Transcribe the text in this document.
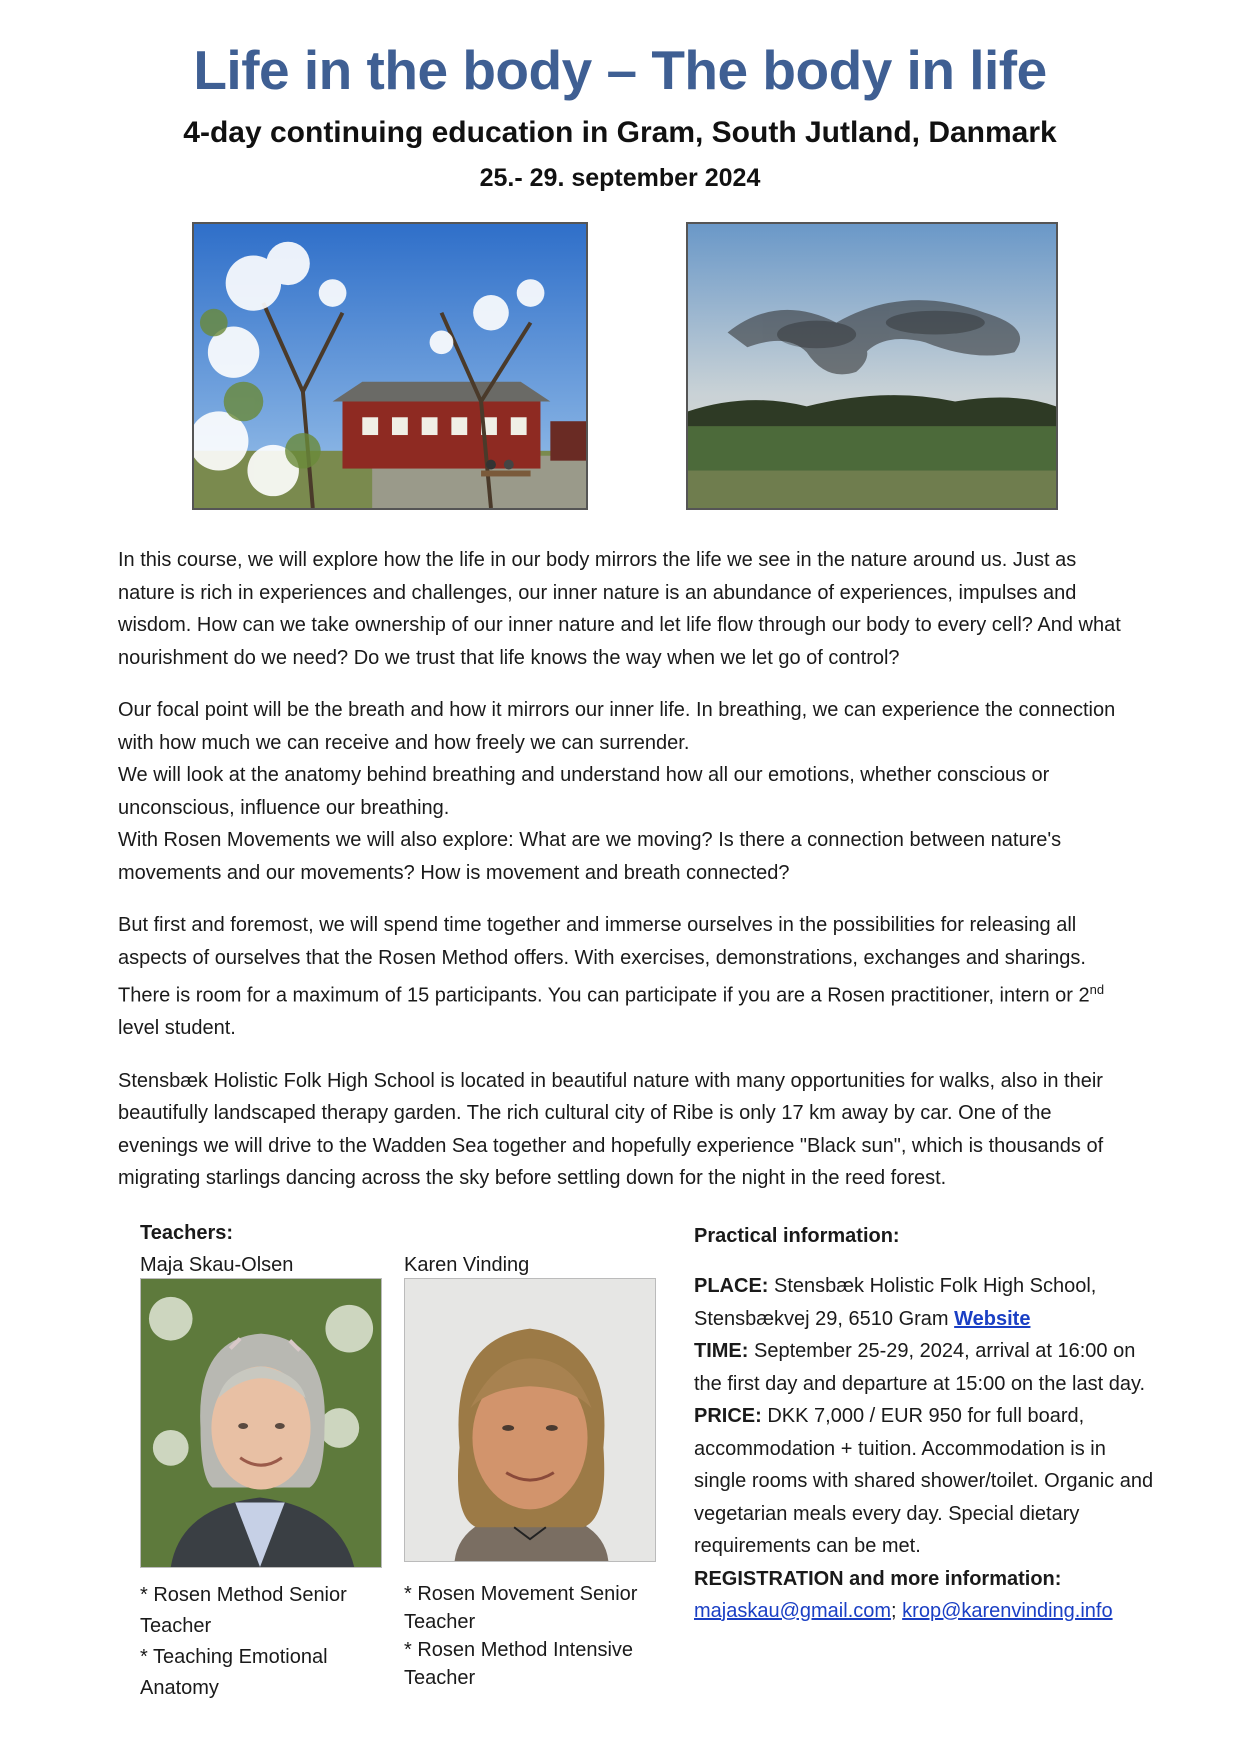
Life in the body – The body in life
4-day continuing education in Gram, South Jutland, Danmark
25.- 29. september 2024

In this course, we will explore how the life in our body mirrors the life we see in the nature around us. Just as nature is rich in experiences and challenges, our inner nature is an abundance of experiences, impulses and wisdom. How can we take ownership of our inner nature and let life flow through our body to every cell? And what nourishment do we need? Do we trust that life knows the way when we let go of control?

Our focal point will be the breath and how it mirrors our inner life. In breathing, we can experience the connection with how much we can receive and how freely we can surrender.

We will look at the anatomy behind breathing and understand how all our emotions, whether conscious or unconscious, influence our breathing.

With Rosen Movements we will also explore: What are we moving? Is there a connection between nature's movements and our movements? How is movement and breath connected?

But first and foremost, we will spend time together and immerse ourselves in the possibilities for releasing all aspects of ourselves that the Rosen Method offers. With exercises, demonstrations, exchanges and sharings. There is room for a maximum of 15 participants. You can participate if you are a Rosen practitioner, intern or 2nd level student.

Stensbæk Holistic Folk High School is located in beautiful nature with many opportunities for walks, also in their beautifully landscaped therapy garden. The rich cultural city of Ribe is only 17 km away by car. One of the evenings we will drive to the Wadden Sea together and hopefully experience "Black sun", which is thousands of migrating starlings dancing across the sky before settling down for the night in the reed forest.

Teachers:
Maja Skau-Olsen	Karen Vinding
* Rosen Method Senior Teacher
* Teaching Emotional Anatomy
* Rosen Movement Senior Teacher
* Rosen Method Intensive Teacher
Practical information:
PLACE: Stensbæk Holistic Folk High School, Stensbækvej 29, 6510 Gram Website
TIME: September 25-29, 2024, arrival at 16:00 on the first day and departure at 15:00 on the last day.
PRICE: DKK 7,000 / EUR 950 for full board, accommodation + tuition. Accommodation is in single rooms with shared shower/toilet. Organic and vegetarian meals every day. Special dietary requirements can be met.
REGISTRATION and more information:
majaskau@gmail.com; krop@karenvinding.info
